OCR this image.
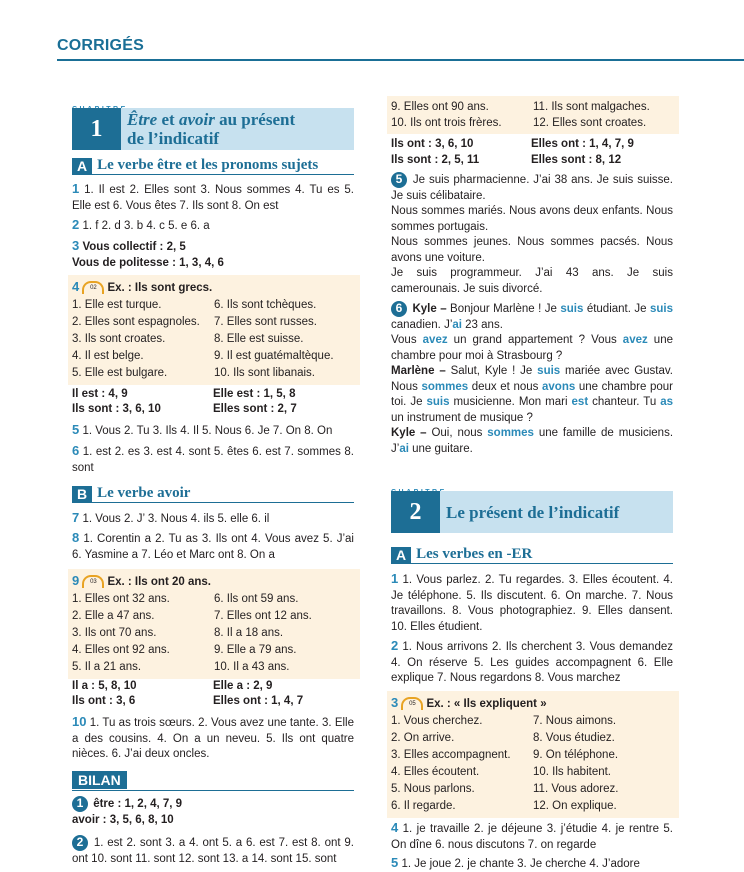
CORRIGÉS
1	Être et avoir au présent
de l’indicatif
A Le verbe être et les pronoms sujets
1 1. Il est 2. Elles sont 3. Nous sommes 4. Tu es 5. Elle est 6. Vous êtes 7. Ils sont 8. On est
2 1. f 2. d 3. b 4. c 5. e 6. a
3 Vous collectif : 2, 5
Vous de politesse : 1, 3, 4, 6
4 02 Ex. : Ils sont grecs.
1. Elle est turque.	6. Ils sont tchèques.
2. Elles sont espagnoles.	7. Elles sont russes.
3. Ils sont croates.	8. Elle est suisse.
4. Il est belge.	9. Il est guatémaltèque.
5. Elle est bulgare.	10. Ils sont libanais.
Il est : 4, 9	Elle est : 1, 5, 8
Ils sont : 3, 6, 10	Elles sont : 2, 7
5 1. Vous 2. Tu 3. Ils 4. Il 5. Nous 6. Je 7. On 8. On
6 1. est 2. es 3. est 4. sont 5. êtes 6. est 7. sommes 8. sont
B Le verbe avoir
7 1. Vous 2. J’ 3. Nous 4. ils 5. elle 6. il
8 1. Corentin a 2. Tu as 3. Ils ont 4. Vous avez 5. J’ai 6. Yasmine a 7. Léo et Marc ont 8. On a
9 03 Ex. : Ils ont 20 ans.
1. Elles ont 32 ans.	6. Ils ont 59 ans.
2. Elle a 47 ans.	7. Elles ont 12 ans.
3. Ils ont 70 ans.	8. Il a 18 ans.
4. Elles ont 92 ans.	9. Elle a 79 ans.
5. Il a 21 ans.	10. Il a 43 ans.
Il a : 5, 8, 10	Elle a : 2, 9
Ils ont : 3, 6	Elles ont : 1, 4, 7
10 1. Tu as trois sœurs. 2. Vous avez une tante. 3. Elle a des cousins. 4. On a un neveu. 5. Ils ont quatre nièces. 6. J’ai deux oncles.
BILAN
1 être : 1, 2, 4, 7, 9
avoir : 3, 5, 6, 8, 10
2 1. est 2. sont 3. a 4. ont 5. a 6. est 7. est 8. ont 9. ont 10. sont 11. sont 12. sont 13. a 14. sont 15. sont
9. Elles ont 90 ans.	11. Ils sont malgaches.
10. Ils ont trois frères.	12. Elles sont croates.
Ils ont : 3, 6, 10	Elles ont : 1, 4, 7, 9
Ils sont : 2, 5, 11	Elles sont : 8, 12
5 Je suis pharmacienne. J’ai 38 ans. Je suis suisse. Je suis célibataire.
Nous sommes mariés. Nous avons deux enfants. Nous sommes portugais.
Nous sommes jeunes. Nous sommes pacsés. Nous avons une voiture.
Je suis programmeur. J’ai 43 ans. Je suis camerounais. Je suis divorcé.
6 Kyle – Bonjour Marlène ! Je suis étudiant. Je suis canadien. J’ai 23 ans.
Vous avez un grand appartement ? Vous avez une chambre pour moi à Strasbourg ?
Marlène – Salut, Kyle ! Je suis mariée avec Gustav. Nous sommes deux et nous avons une chambre pour toi. Je suis musicienne. Mon mari est chanteur. Tu as un instrument de musique ?
Kyle – Oui, nous sommes une famille de musiciens. J’ai une guitare.
2	Le présent de l’indicatif
A Les verbes en -ER
1 1. Vous parlez. 2. Tu regardes. 3. Elles écoutent. 4. Je téléphone. 5. Ils discutent. 6. On marche. 7. Nous travaillons. 8. Vous photographiez. 9. Elles dansent. 10. Elles étudient.
2 1. Nous arrivons 2. Ils cherchent 3. Vous demandez 4. On réserve 5. Les guides accompagnent 6. Elle explique 7. Nous regardons 8. Vous marchez
3 05 Ex. : « Ils expliquent »
1. Vous cherchez.	7. Nous aimons.
2. On arrive.	8. Vous étudiez.
3. Elles accompagnent.	9. On téléphone.
4. Elles écoutent.	10. Ils habitent.
5. Nous parlons.	11. Vous adorez.
6. Il regarde.	12. On explique.
4 1. je travaille 2. je déjeune 3. j’étudie 4. je rentre 5. On dîne 6. nous discutons 7. on regarde
5 1. Je joue 2. je chante 3. Je cherche 4. J’adore
